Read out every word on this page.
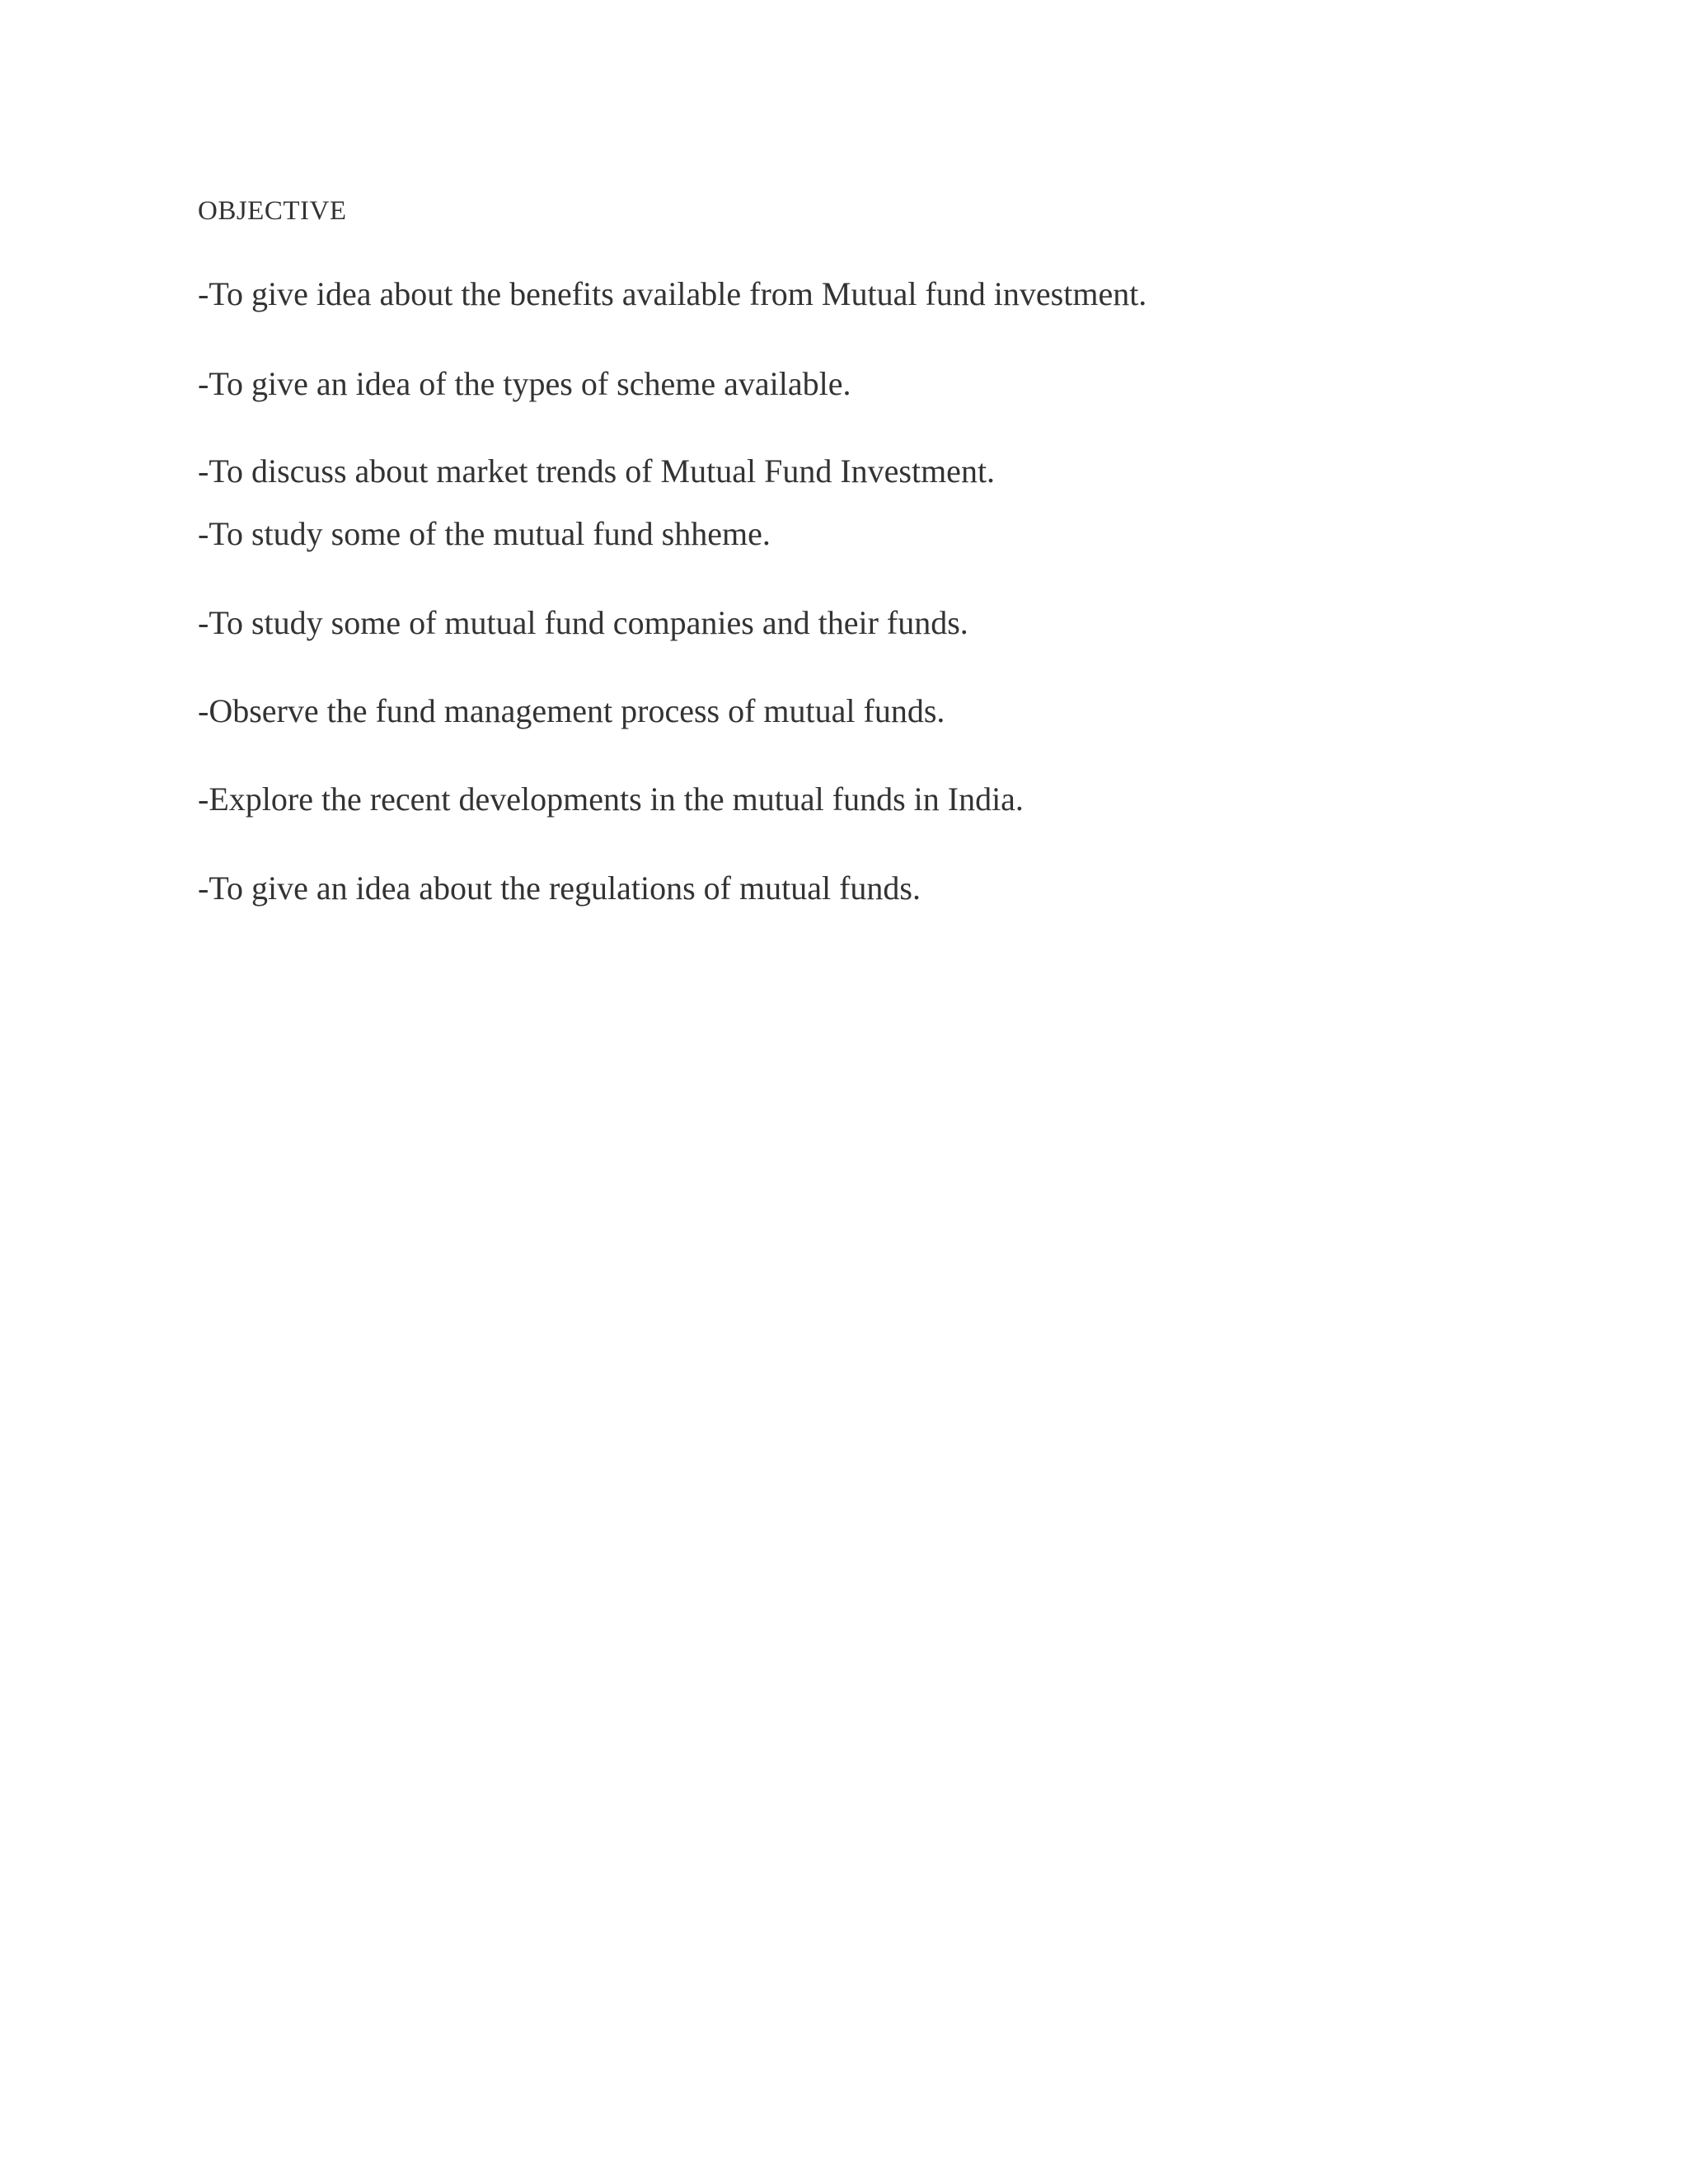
OBJECTIVE
-To give idea about the benefits available from Mutual fund investment.
-To give an idea of the types of scheme available.
-To discuss about market trends of Mutual Fund Investment.
-To study some of the mutual fund shheme.
-To study some of mutual fund companies and their funds.
-Observe the fund management process of mutual funds.
-Explore the recent developments in the mutual funds in India.
-To give an idea about the regulations of mutual funds.
